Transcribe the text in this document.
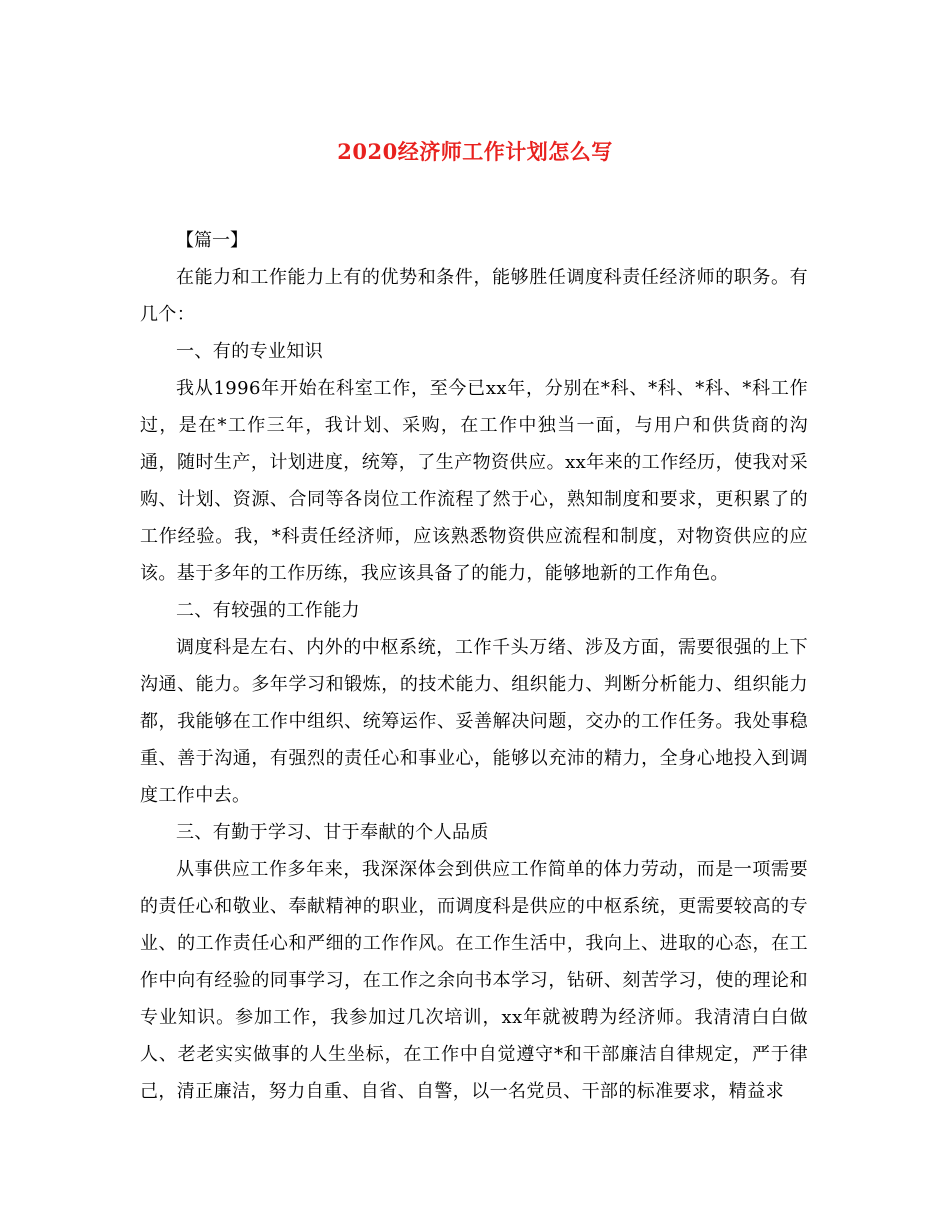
2020经济师工作计划怎么写

【篇一】

在能力和工作能力上有的优势和条件，能够胜任调度科责任经济师的职务。有几个：

一、有的专业知识

我从1996年开始在科室工作，至今已xx年，分别在*科、*科、*科、*科工作过，是在*工作三年，我计划、采购，在工作中独当一面，与用户和供货商的沟通，随时生产，计划进度，统筹，了生产物资供应。xx年来的工作经历，使我对采购、计划、资源、合同等各岗位工作流程了然于心，熟知制度和要求，更积累了的工作经验。我，*科责任经济师，应该熟悉物资供应流程和制度，对物资供应的应该。基于多年的工作历练，我应该具备了的能力，能够地新的工作角色。

二、有较强的工作能力

调度科是左右、内外的中枢系统，工作千头万绪、涉及方面，需要很强的上下沟通、能力。多年学习和锻炼，的技术能力、组织能力、判断分析能力、组织能力都，我能够在工作中组织、统筹运作、妥善解决问题，交办的工作任务。我处事稳重、善于沟通，有强烈的责任心和事业心，能够以充沛的精力，全身心地投入到调度工作中去。

三、有勤于学习、甘于奉献的个人品质

从事供应工作多年来，我深深体会到供应工作简单的体力劳动，而是一项需要的责任心和敬业、奉献精神的职业，而调度科是供应的中枢系统，更需要较高的专业、的工作责任心和严细的工作作风。在工作生活中，我向上、进取的心态，在工作中向有经验的同事学习，在工作之余向书本学习，钻研、刻苦学习，使的理论和专业知识。参加工作，我参加过几次培训，xx年就被聘为经济师。我清清白白做人、老老实实做事的人生坐标，在工作中自觉遵守*和干部廉洁自律规定，严于律己，清正廉洁，努力自重、自省、自警，以一名党员、干部的标准要求，精益求
